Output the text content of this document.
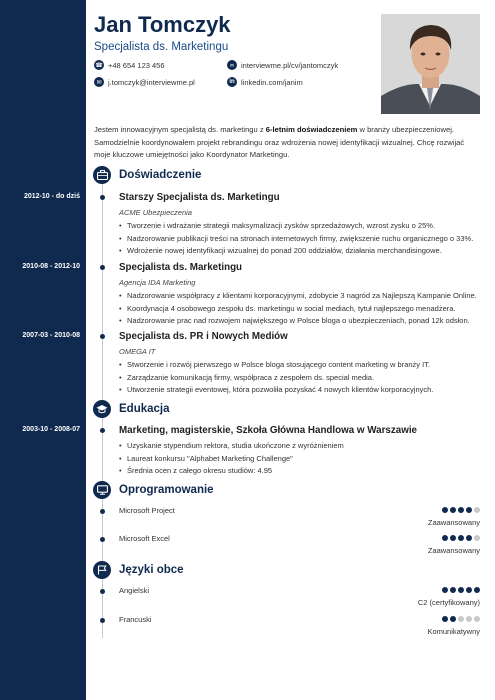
Jan Tomczyk
Specjalista ds. Marketingu
☎ +48 654 123 456
✉ j.tomczyk@interviewme.pl
∞ interviewme.pl/cv/jantomczyk
in linkedin.com/janim
Jestem innowacyjnym specjalistą ds. marketingu z 6-letnim doświadczeniem w branży ubezpieczeniowej. Samodzielnie koordynowałem projekt rebrandingu oraz wdrożenia nowej identyfikacji wizualnej. Chcę rozwijać moje kluczowe umiejętności jako Koordynator Marketingu.
Doświadczenie
2012-10 - do dziś	Starszy Specjalista ds. Marketingu
ACME Ubezpieczenia
• Tworzenie i wdrażanie strategii maksymalizacji zysków sprzedażowych, wzrost zysku o 25%.
• Nadzorowanie publikacji treści na stronach internetowych firmy, zwiększenie ruchu organicznego o 33%.
• Wdrożenie nowej identyfikacji wizualnej do ponad 200 oddziałów, działania merchandisingowe.
2010-08 - 2012-10	Specjalista ds. Marketingu
Agencja IDA Marketing
• Nadzorowanie współpracy z klientami korporacyjnymi, zdobycie 3 nagród za Najlepszą Kampanie Online.
• Koordynacja 4 osobowego zespołu ds. marketingu w social mediach, tytuł najlepszego menadżera.
• Nadzorowanie prac nad rozwojem największego w Polsce bloga o ubezpieczeniach, ponad 12k odsłon.
2007-03 - 2010-08	Specjalista ds. PR i Nowych Mediów
OMEGA IT
• Stworzenie i rozwój pierwszego w Polsce bloga stosującego content marketing w branży IT.
• Zarządzanie komunikacją firmy, współpraca z zespołem ds. special media.
• Utworzenie strategii eventowej, która pozwoliła pozyskać 4 nowych klientów korporacyjnych.
Edukacja
2003-10 - 2008-07	Marketing, magisterskie, Szkoła Główna Handlowa w Warszawie
• Uzyskanie stypendium rektora, studia ukończone z wyróżnieniem
• Laureat konkursu "Alphabet Marketing Challenge"
• Średnia ocen z całego okresu studiów: 4.95
Oprogramowanie
Microsoft Project
Zaawansowany
Microsoft Excel
Zaawansowany
Języki obce
Angielski
C2 (certyfikowany)
Francuski
Komunikatywny
